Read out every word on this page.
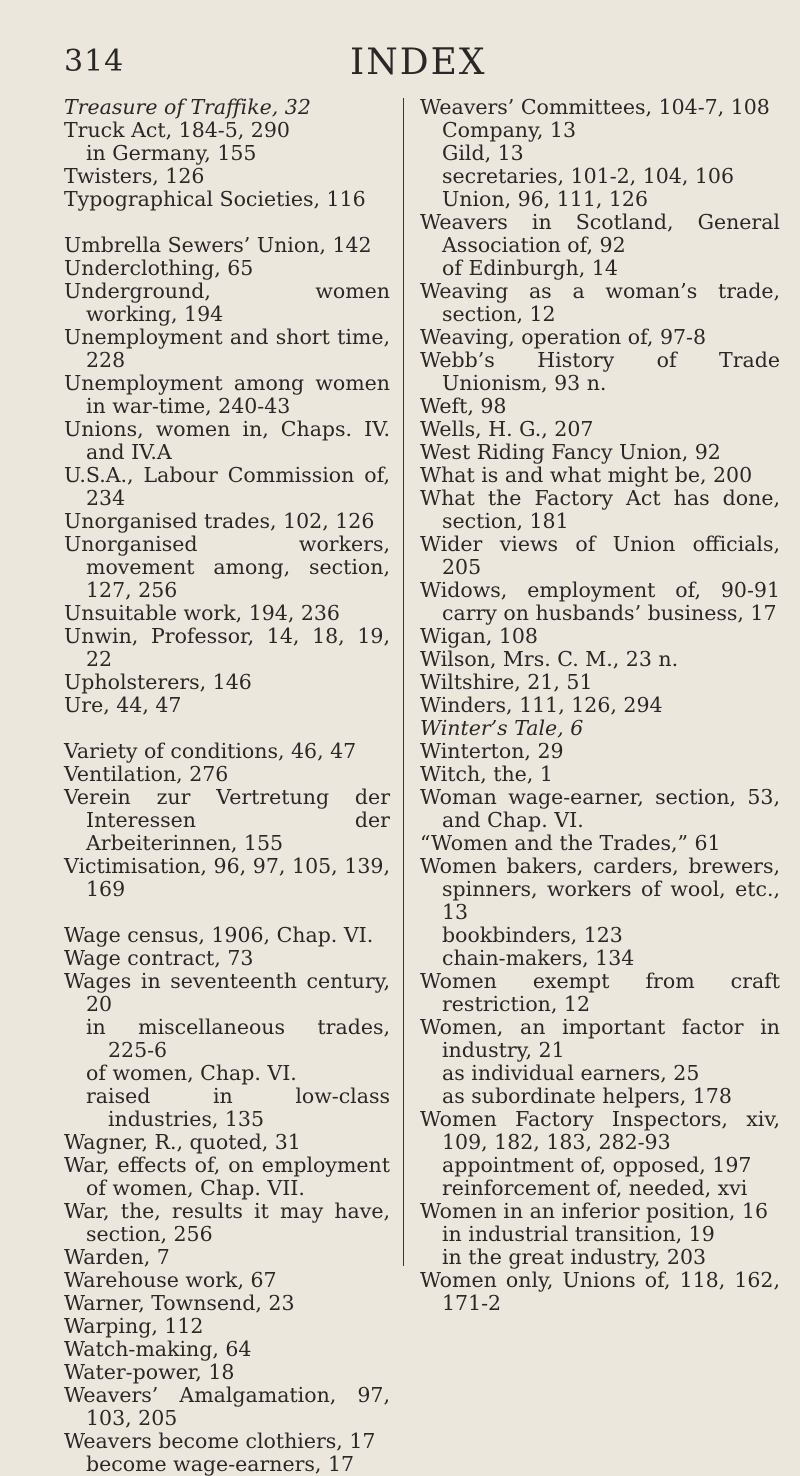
314	INDEX
Treasure of Traffike, 32
Truck Act, 184-5, 290
in Germany, 155
Twisters, 126
Typographical Societies, 116
Umbrella Sewers’ Union, 142
Underclothing, 65
Underground, women working, 194
Unemployment and short time, 228
Unemployment among women in war-time, 240-43
Unions, women in, Chaps. IV. and IV.A
U.S.A., Labour Commission of, 234
Unorganised trades, 102, 126
Unorganised workers, movement among, section, 127, 256
Unsuitable work, 194, 236
Unwin, Professor, 14, 18, 19, 22
Upholsterers, 146
Ure, 44, 47
Variety of conditions, 46, 47
Ventilation, 276
Verein zur Vertretung der Interessen der Arbeiterinnen, 155
Victimisation, 96, 97, 105, 139, 169
Wage census, 1906, Chap. VI.
Wage contract, 73
Wages in seventeenth century, 20
in miscellaneous trades, 225-6
of women, Chap. VI.
raised in low-class industries, 135
Wagner, R., quoted, 31
War, effects of, on employment of women, Chap. VII.
War, the, results it may have, section, 256
Warden, 7
Warehouse work, 67
Warner, Townsend, 23
Warping, 112
Watch-making, 64
Water-power, 18
Weavers’ Amalgamation, 97, 103, 205
Weavers become clothiers, 17
become wage-earners, 17
Weavers’ Committees, 104-7, 108
Company, 13
Gild, 13
secretaries, 101-2, 104, 106
Union, 96, 111, 126
Weavers in Scotland, General Association of, 92
of Edinburgh, 14
Weaving as a woman’s trade, section, 12
Weaving, operation of, 97-8
Webb’s History of Trade Unionism, 93 n.
Weft, 98
Wells, H. G., 207
West Riding Fancy Union, 92
What is and what might be, 200
What the Factory Act has done, section, 181
Wider views of Union officials, 205
Widows, employment of, 90-91 carry on husbands’ business, 17
Wigan, 108
Wilson, Mrs. C. M., 23 n.
Wiltshire, 21, 51
Winders, 111, 126, 294
Winter’s Tale, 6
Winterton, 29
Witch, the, 1
Woman wage-earner, section, 53, and Chap. VI.
“Women and the Trades,” 61
Women bakers, carders, brewers, spinners, workers of wool, etc., 13
bookbinders, 123
chain-makers, 134
Women exempt from craft restriction, 12
Women, an important factor in industry, 21
as individual earners, 25
as subordinate helpers, 178
Women Factory Inspectors, xiv, 109, 182, 183, 282-93
appointment of, opposed, 197
reinforcement of, needed, xvi
Women in an inferior position, 16
in industrial transition, 19
in the great industry, 203
Women only, Unions of, 118, 162, 171-2
